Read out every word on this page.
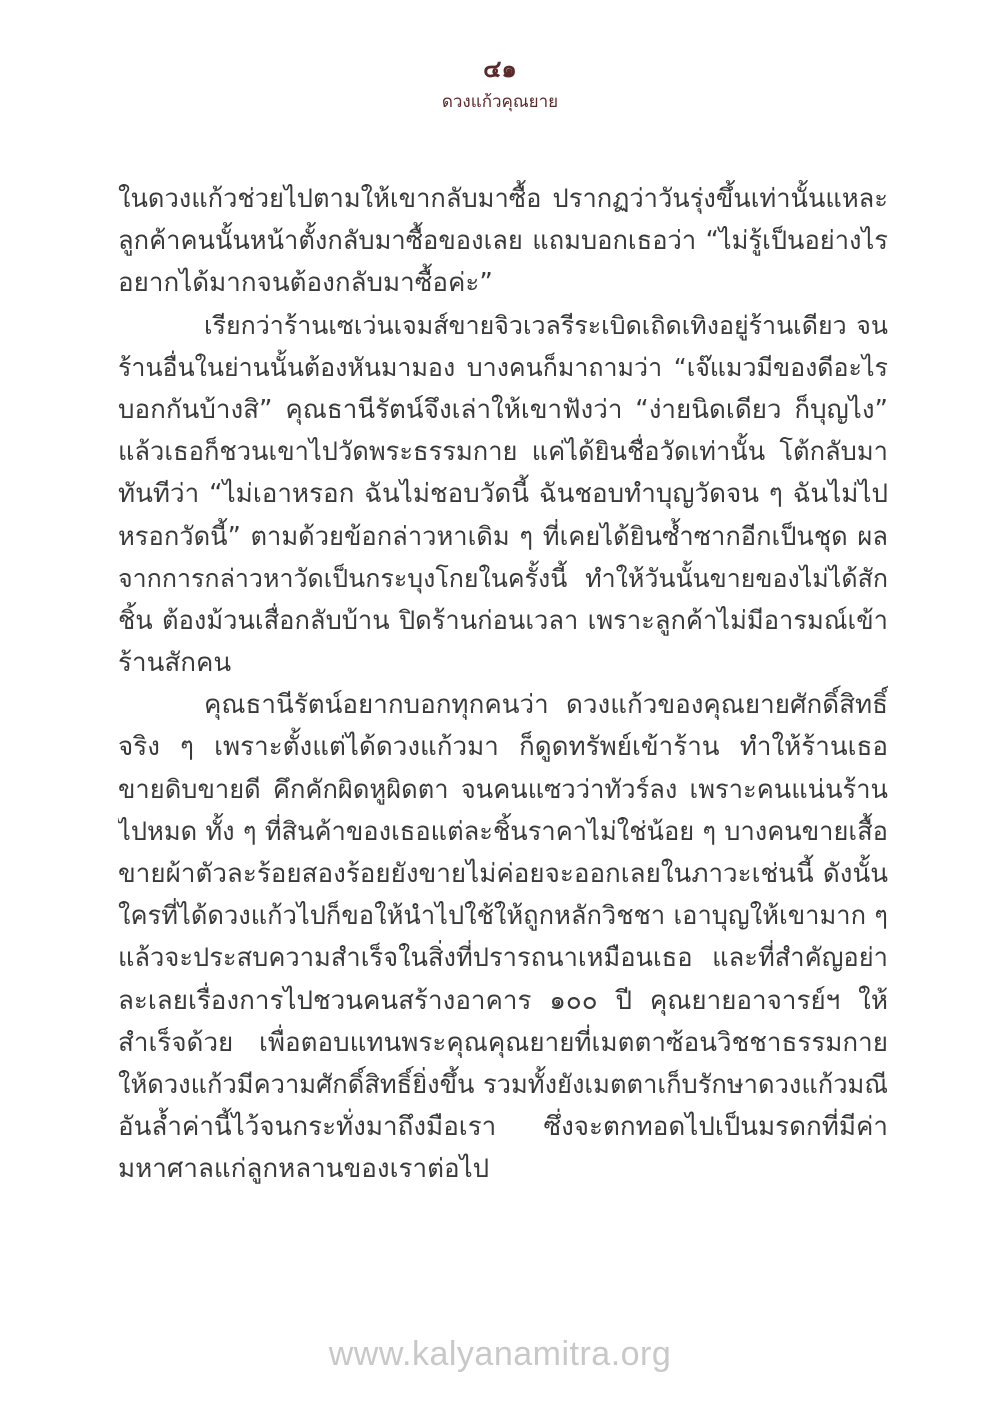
๔๑
ดวงแก้วคุณยาย
ในดวงแก้วช่วยไปตามให้เขากลับมาซื้อ ปรากฏว่าวันรุ่งขึ้นเท่านั้นแหละ
ลูกค้าคนนั้นหน้าตั้งกลับมาซื้อของเลย แถมบอกเธอว่า “ไม่รู้เป็นอย่างไร
อยากได้มากจนต้องกลับมาซื้อค่ะ”
เรียกว่าร้านเซเว่นเจมส์ขายจิวเวลรีระเบิดเถิดเทิงอยู่ร้านเดียว จน
ร้านอื่นในย่านนั้นต้องหันมามอง บางคนก็มาถามว่า “เจ๊แมวมีของดีอะไร
บอกกันบ้างสิ” คุณธานีรัตน์จึงเล่าให้เขาฟังว่า “ง่ายนิดเดียว ก็บุญไง”
แล้วเธอก็ชวนเขาไปวัดพระธรรมกาย แค่ได้ยินชื่อวัดเท่านั้น โต้กลับมา
ทันทีว่า “ไม่เอาหรอก ฉันไม่ชอบวัดนี้ ฉันชอบทำบุญวัดจน ๆ ฉันไม่ไป
หรอกวัดนี้” ตามด้วยข้อกล่าวหาเดิม ๆ ที่เคยได้ยินซ้ำซากอีกเป็นชุด ผล
จากการกล่าวหาวัดเป็นกระบุงโกยในครั้งนี้ ทำให้วันนั้นขายของไม่ได้สัก
ชิ้น ต้องม้วนเสื่อกลับบ้าน ปิดร้านก่อนเวลา เพราะลูกค้าไม่มีอารมณ์เข้า
ร้านสักคน
คุณธานีรัตน์อยากบอกทุกคนว่า ดวงแก้วของคุณยายศักดิ์สิทธิ์
จริง ๆ เพราะตั้งแต่ได้ดวงแก้วมา ก็ดูดทรัพย์เข้าร้าน ทำให้ร้านเธอ
ขายดิบขายดี คึกคักผิดหูผิดตา จนคนแซวว่าทัวร์ลง เพราะคนแน่นร้าน
ไปหมด ทั้ง ๆ ที่สินค้าของเธอแต่ละชิ้นราคาไม่ใช่น้อย ๆ บางคนขายเสื้อ
ขายผ้าตัวละร้อยสองร้อยยังขายไม่ค่อยจะออกเลยในภาวะเช่นนี้ ดังนั้น
ใครที่ได้ดวงแก้วไปก็ขอให้นำไปใช้ให้ถูกหลักวิชชา เอาบุญให้เขามาก ๆ
แล้วจะประสบความสำเร็จในสิ่งที่ปรารถนาเหมือนเธอ และที่สำคัญอย่า
ละเลยเรื่องการไปชวนคนสร้างอาคาร ๑๐๐ ปี คุณยายอาจารย์ฯ ให้
สำเร็จด้วย เพื่อตอบแทนพระคุณคุณยายที่เมตตาซ้อนวิชชาธรรมกาย
ให้ดวงแก้วมีความศักดิ์สิทธิ์ยิ่งขึ้น รวมทั้งยังเมตตาเก็บรักษาดวงแก้วมณี
อันล้ำค่านี้ไว้จนกระทั่งมาถึงมือเรา ซึ่งจะตกทอดไปเป็นมรดกที่มีค่า
มหาศาลแก่ลูกหลานของเราต่อไป
www.kalyanamitra.org
